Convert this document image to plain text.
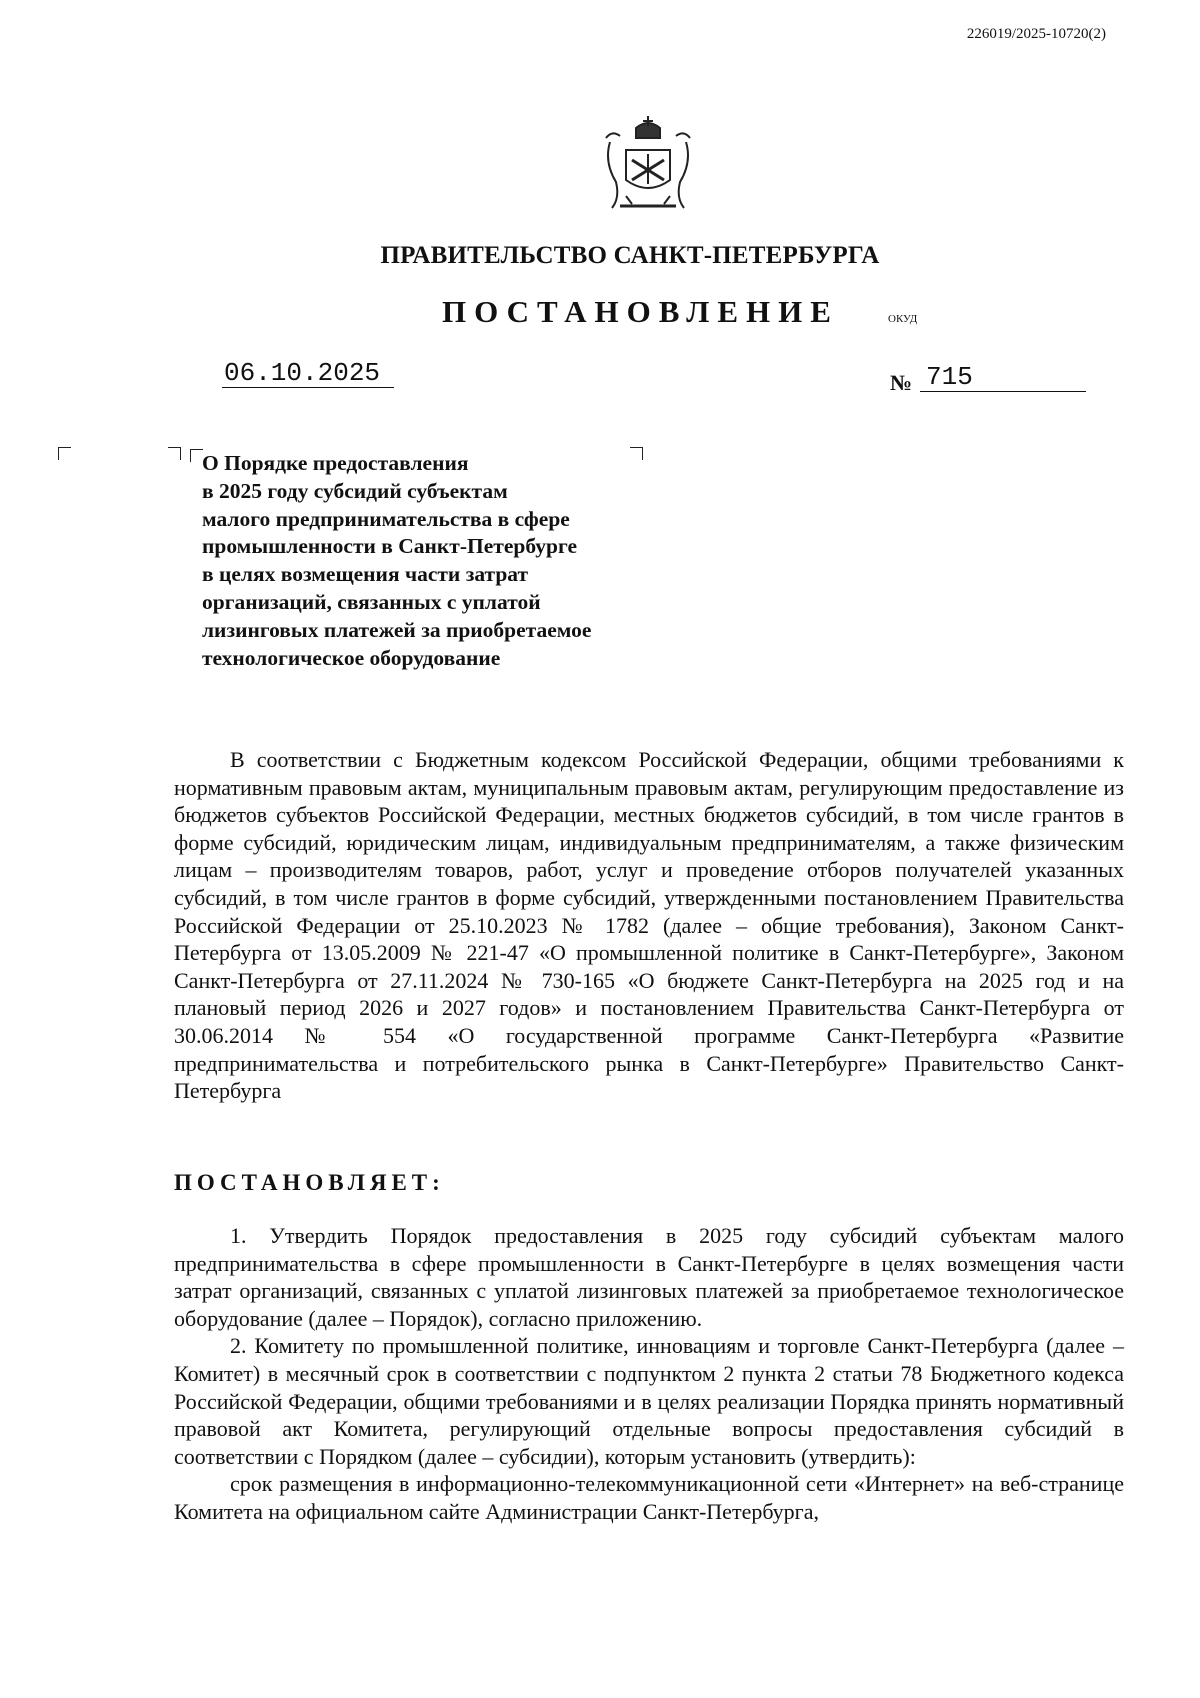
226019/2025-10720(2)
ПРАВИТЕЛЬСТВО САНКТ-ПЕТЕРБУРГА
ПОСТАНОВЛЕНИЕ	ОКУД
06.10.2025	№ 715
О Порядке предоставления
в 2025 году субсидий субъектам
малого предпринимательства в сфере
промышленности в Санкт-Петербурге
в целях возмещения части затрат
организаций, связанных с уплатой
лизинговых платежей за приобретаемое
технологическое оборудование

В соответствии с Бюджетным кодексом Российской Федерации, общими требованиями к нормативным правовым актам, муниципальным правовым актам, регулирующим предоставление из бюджетов субъектов Российской Федерации, местных бюджетов субсидий, в том числе грантов в форме субсидий, юридическим лицам, индивидуальным предпринимателям, а также физическим лицам – производителям товаров, работ, услуг и проведение отборов получателей указанных субсидий, в том числе грантов в форме субсидий, утвержденными постановлением Правительства Российской Федерации от 25.10.2023 № 1782 (далее – общие требования), Законом Санкт-Петербурга от 13.05.2009 № 221-47 «О промышленной политике в Санкт-Петербурге», Законом Санкт-Петербурга от 27.11.2024 № 730-165 «О бюджете Санкт-Петербурга на 2025 год и на плановый период 2026 и 2027 годов» и постановлением Правительства Санкт-Петербурга от 30.06.2014 № 554 «О государственной программе Санкт-Петербурга «Развитие предпринимательства и потребительского рынка в Санкт-Петербурге» Правительство Санкт-Петербурга

ПОСТАНОВЛЯЕТ:

1. Утвердить Порядок предоставления в 2025 году субсидий субъектам малого предпринимательства в сфере промышленности в Санкт-Петербурге в целях возмещения части затрат организаций, связанных с уплатой лизинговых платежей за приобретаемое технологическое оборудование (далее – Порядок), согласно приложению.

2. Комитету по промышленной политике, инновациям и торговле Санкт-Петербурга (далее – Комитет) в месячный срок в соответствии с подпунктом 2 пункта 2 статьи 78 Бюджетного кодекса Российской Федерации, общими требованиями и в целях реализации Порядка принять нормативный правовой акт Комитета, регулирующий отдельные вопросы предоставления субсидий в соответствии с Порядком (далее – субсидии), которым установить (утвердить):

срок размещения в информационно-телекоммуникационной сети «Интернет» на веб-странице Комитета на официальном сайте Администрации Санкт-Петербурга,
